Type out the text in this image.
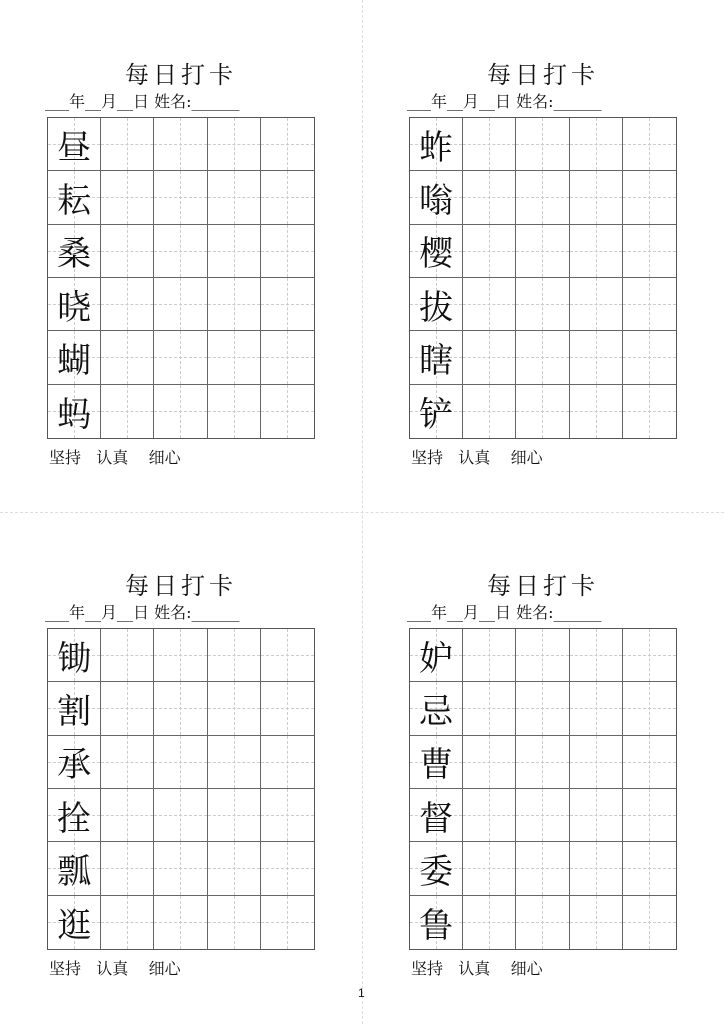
每日打卡
___年__月__日 姓名:______
昼
耘
桑
晓
蝴
蚂
坚持   认真    细心
每日打卡
___年__月__日 姓名:______
蚱
嗡
樱
拔
瞎
铲
坚持   认真    细心
每日打卡
___年__月__日 姓名:______
锄
割
承
拴
瓢
逛
坚持   认真    细心
每日打卡
___年__月__日 姓名:______
妒
忌
曹
督
委
鲁
坚持   认真    细心
1
